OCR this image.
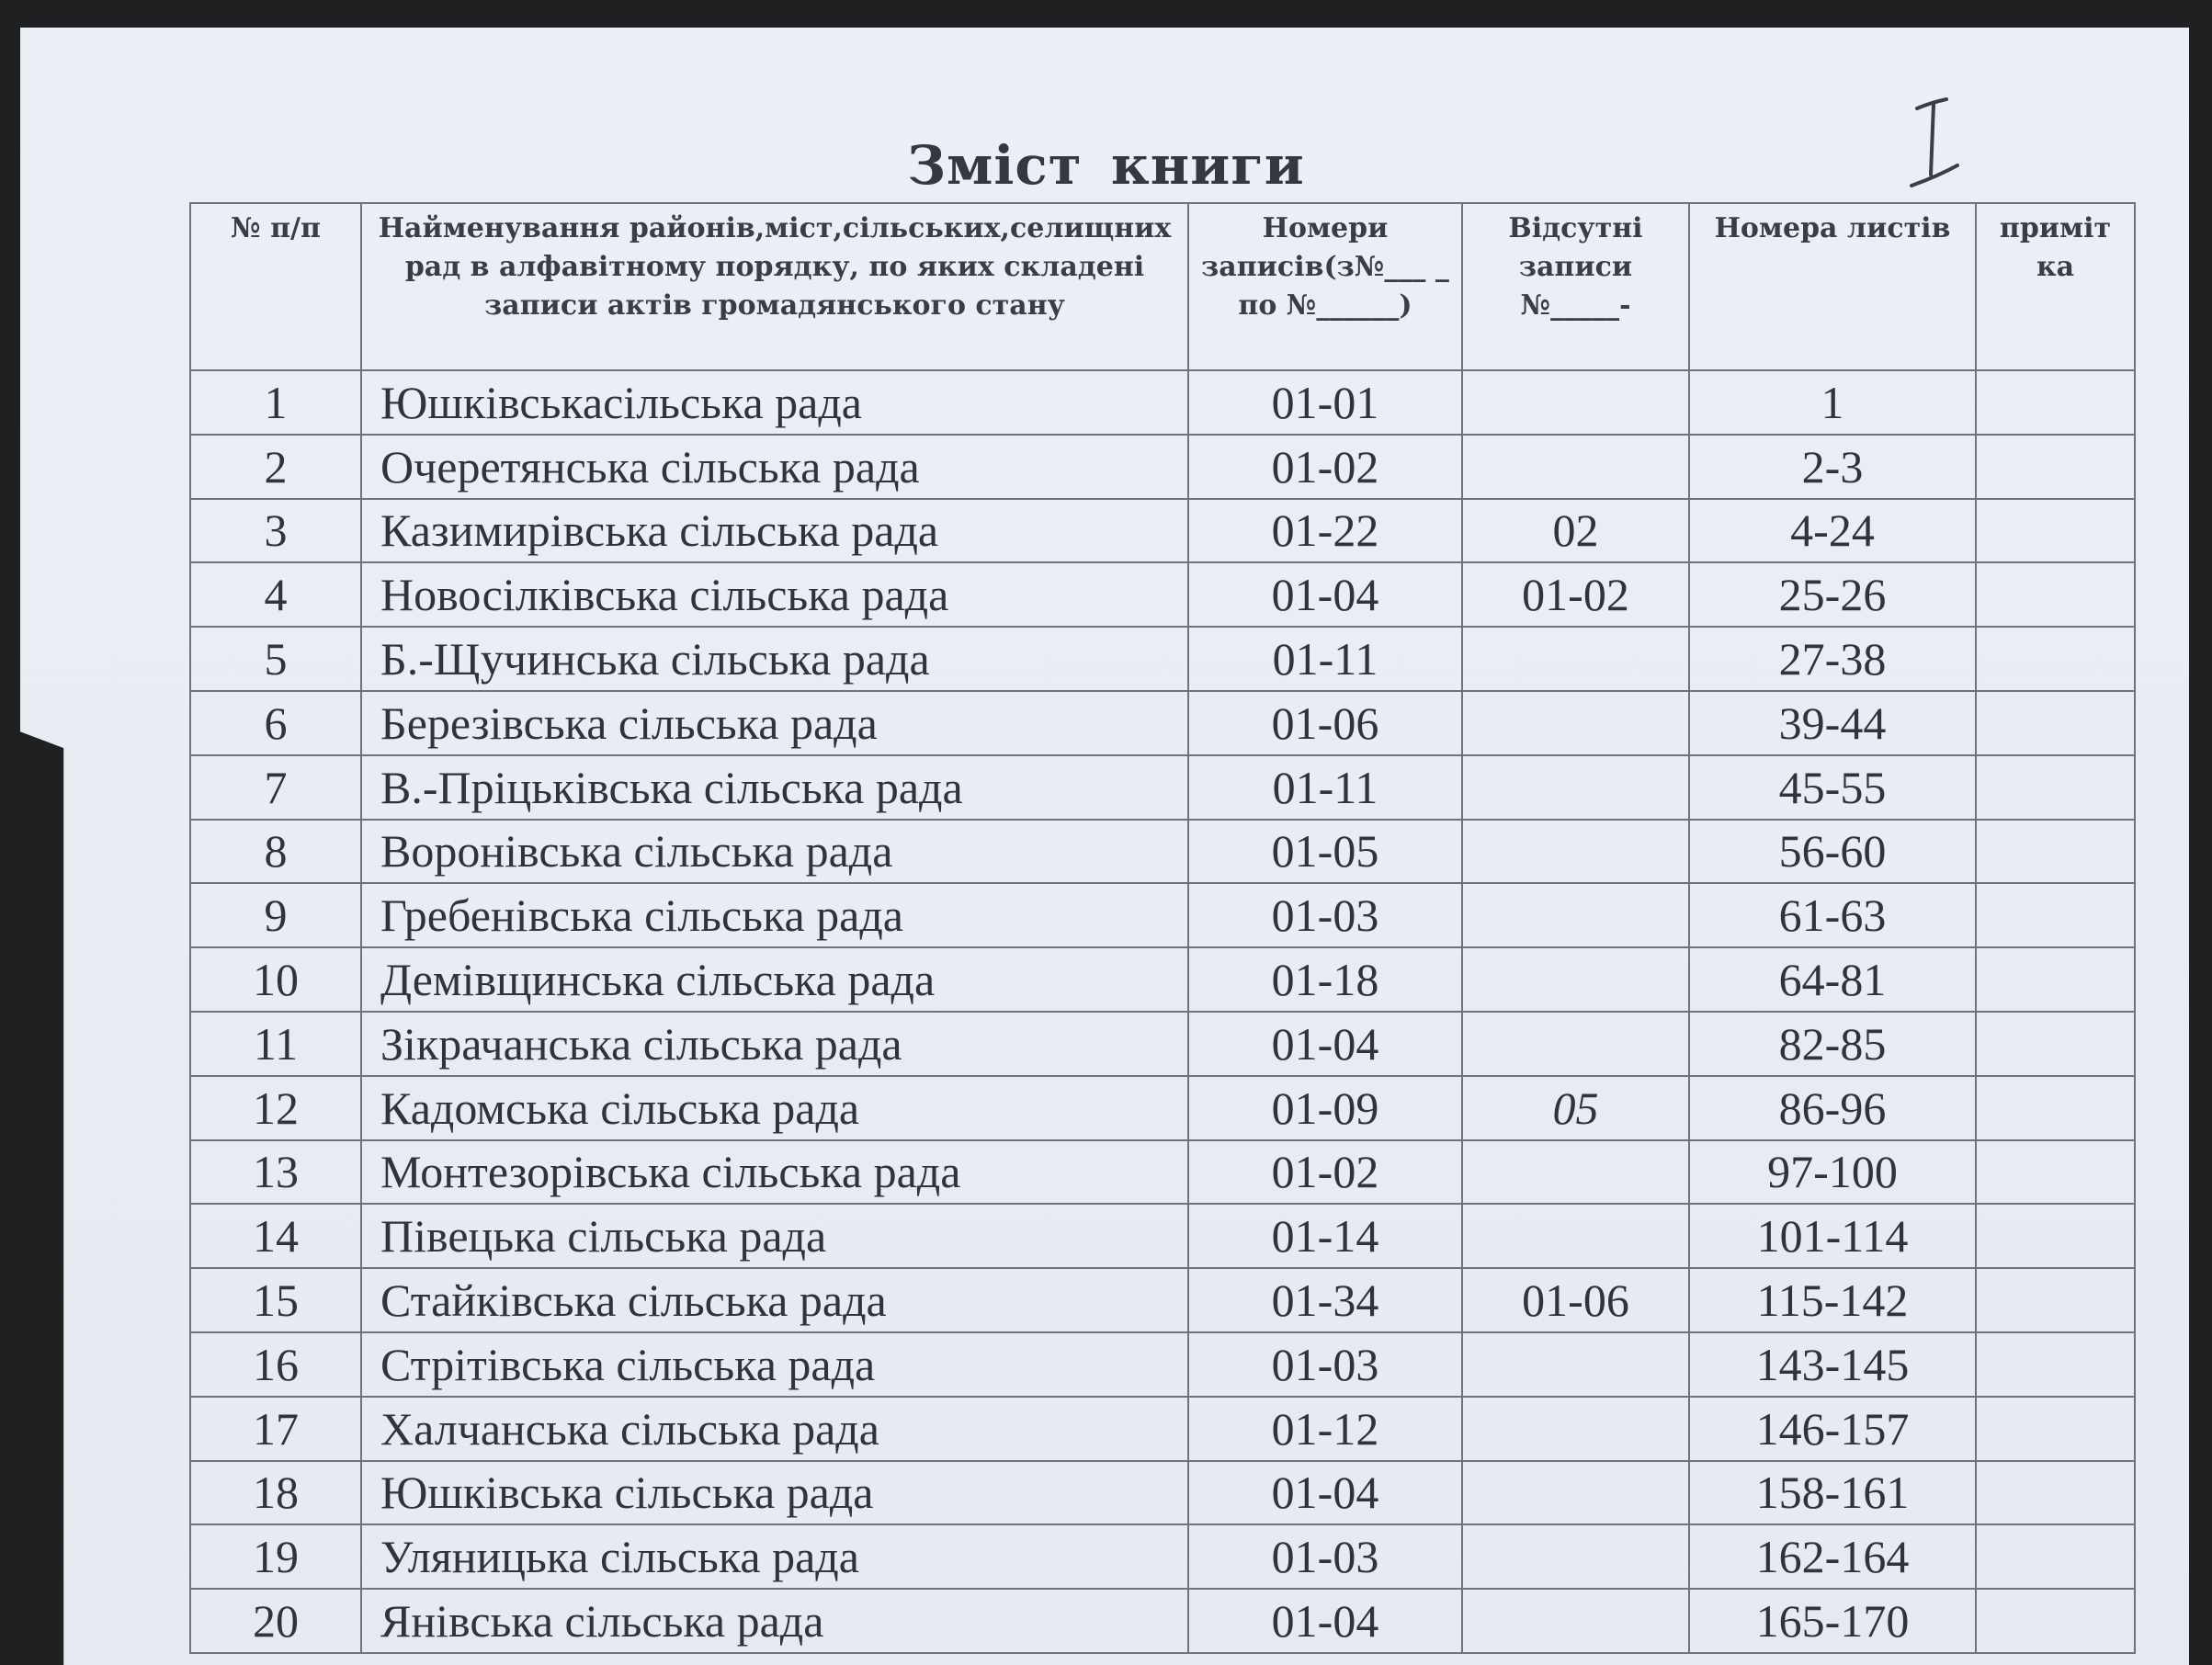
Зміст книги
№ п/п	Найменування районів,міст,сільських,селищних рад в алфавітному порядку, по яких складені записи актів громадянського стану	Номери записів(з№___ _ по №______)	Відсутні записи №_____-	Номера листів	приміт ка
1	Юшківськасільська рада	01-01		1	
2	Очеретянська сільська рада	01-02		2-3	
3	Казимирівська сільська рада	01-22	02	4-24	
4	Новосілківська сільська рада	01-04	01-02	25-26	
5	Б.-Щучинська сільська рада	01-11		27-38	
6	Березівська сільська рада	01-06		39-44	
7	В.-Пріцьківська сільська рада	01-11		45-55	
8	Воронівська сільська рада	01-05		56-60	
9	Гребенівська сільська рада	01-03		61-63	
10	Демівщинська сільська рада	01-18		64-81	
11	Зікрачанська сільська рада	01-04		82-85	
12	Кадомська сільська рада	01-09	05	86-96	
13	Монтезорівська сільська рада	01-02		97-100	
14	Півецька сільська рада	01-14		101-114	
15	Стайківська сільська рада	01-34	01-06	115-142	
16	Стрітівська сільська рада	01-03		143-145	
17	Халчанська сільська рада	01-12		146-157	
18	Юшківська сільська рада	01-04		158-161	
19	Уляницька сільська рада	01-03		162-164	
20	Янівська сільська рада	01-04		165-170	
